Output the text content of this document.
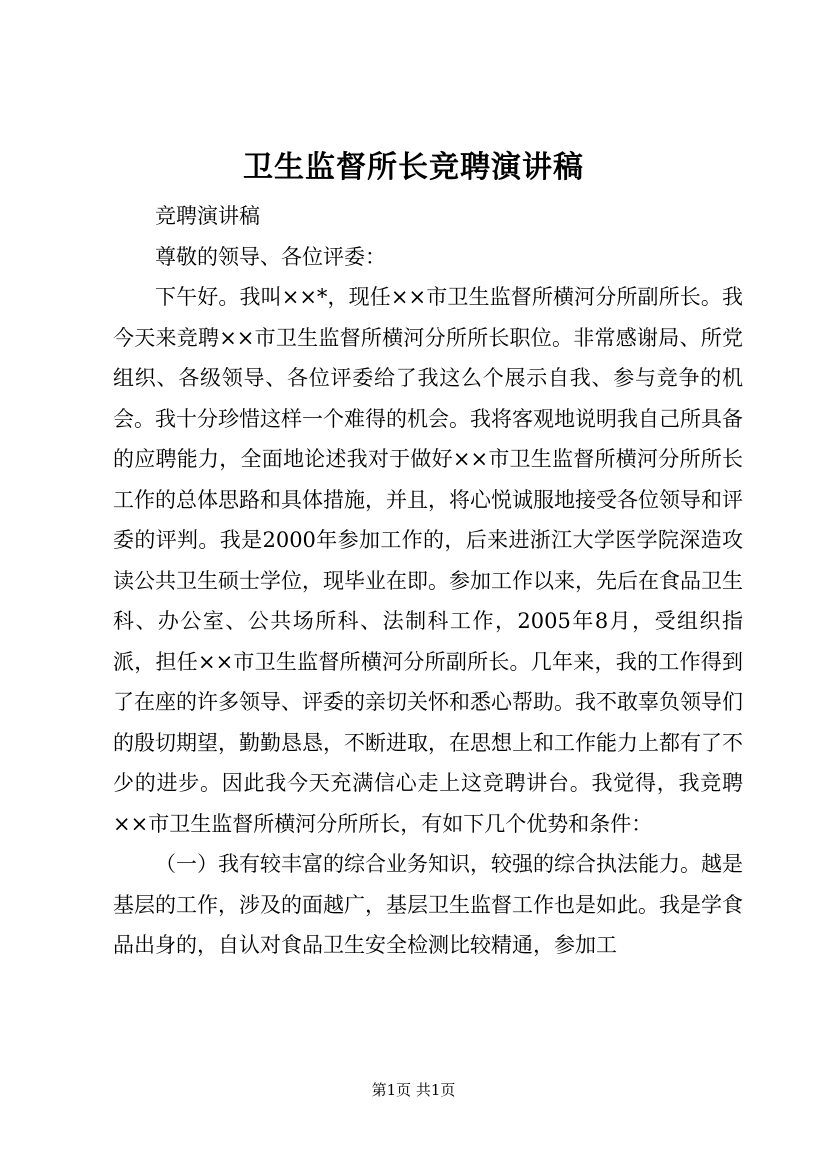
卫生监督所长竞聘演讲稿

竞聘演讲稿

尊敬的领导、各位评委：

下午好。我叫××*，现任××市卫生监督所横河分所副所长。我今天来竞聘××市卫生监督所横河分所所长职位。非常感谢局、所党组织、各级领导、各位评委给了我这么个展示自我、参与竞争的机会。我十分珍惜这样一个难得的机会。我将客观地说明我自己所具备的应聘能力，全面地论述我对于做好××市卫生监督所横河分所所长工作的总体思路和具体措施，并且，将心悦诚服地接受各位领导和评委的评判。我是2000年参加工作的，后来进浙江大学医学院深造攻读公共卫生硕士学位，现毕业在即。参加工作以来，先后在食品卫生科、办公室、公共场所科、法制科工作，2005年8月，受组织指派，担任××市卫生监督所横河分所副所长。几年来，我的工作得到了在座的许多领导、评委的亲切关怀和悉心帮助。我不敢辜负领导们的殷切期望，勤勤恳恳，不断进取，在思想上和工作能力上都有了不少的进步。因此我今天充满信心走上这竞聘讲台。我觉得，我竞聘××市卫生监督所横河分所所长，有如下几个优势和条件：

（一）我有较丰富的综合业务知识，较强的综合执法能力。越是基层的工作，涉及的面越广，基层卫生监督工作也是如此。我是学食品出身的，自认对食品卫生安全检测比较精通，参加工

第1页 共1页
